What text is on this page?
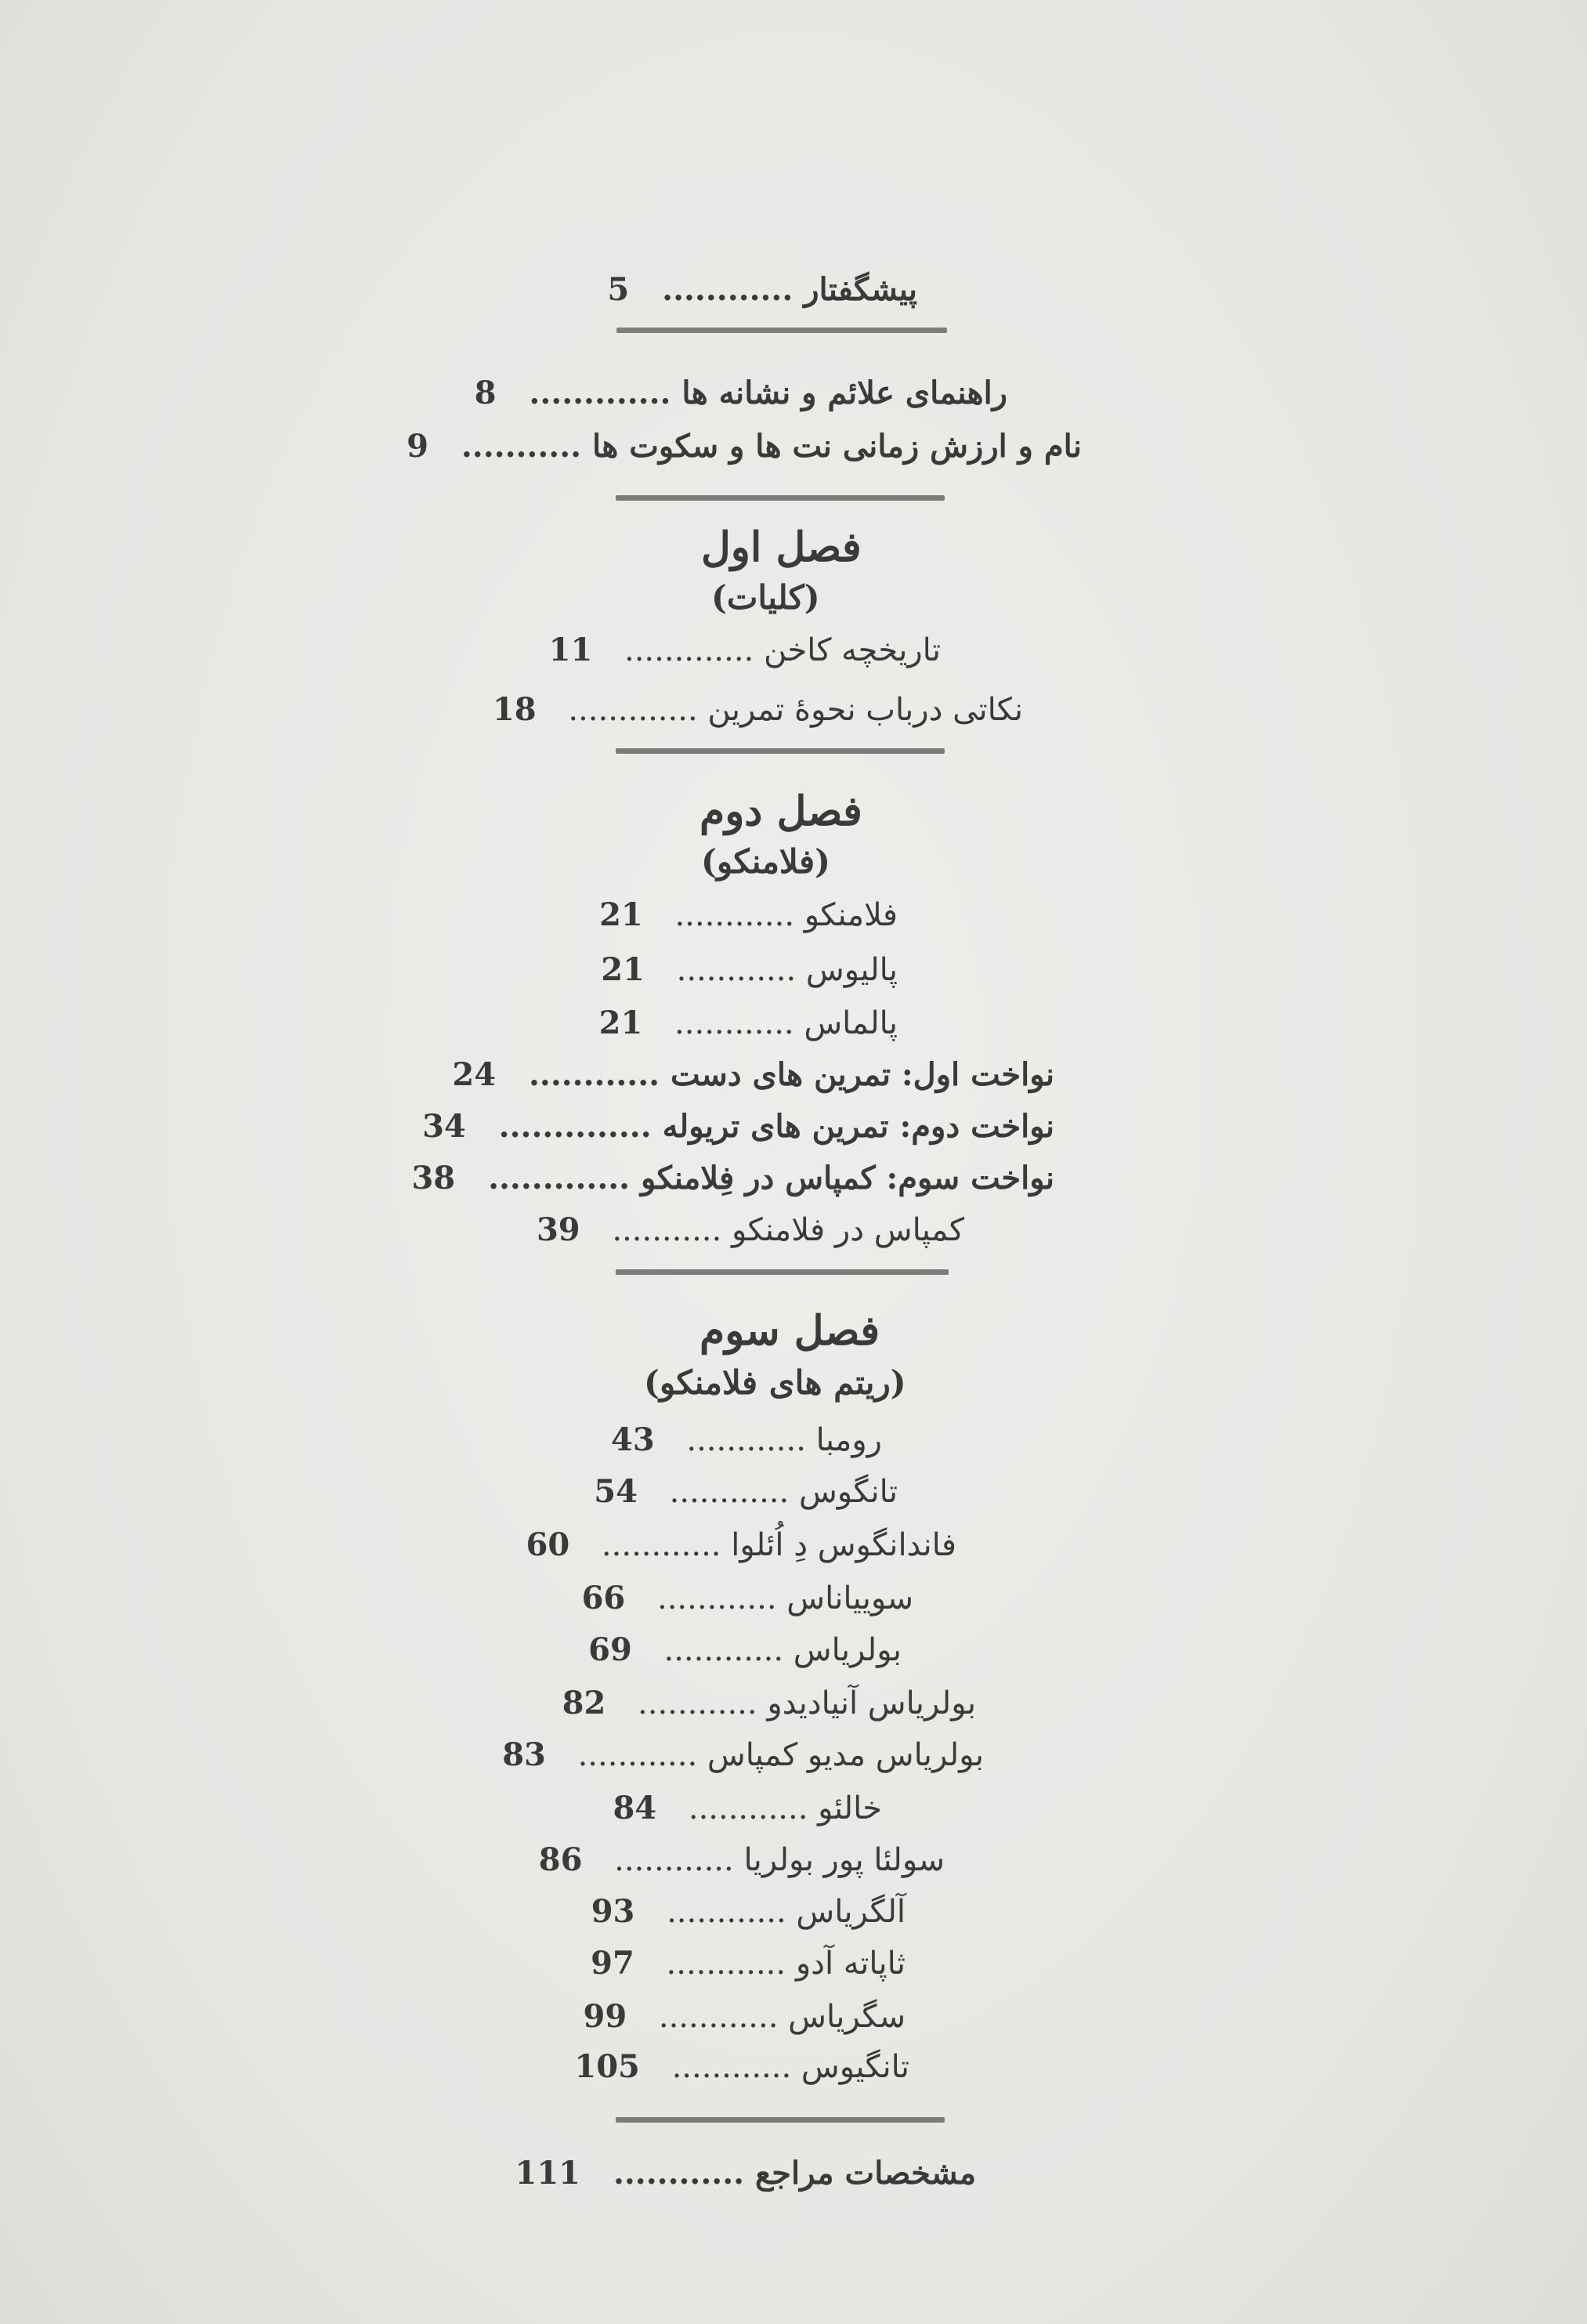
پیشگفتار ............ 5
راهنمای علائم و نشانه ها ............. 8
نام و ارزش زمانی نت ها و سکوت ها ........... 9
فصل اول
(کلیات)
تاریخچه کاخن ............. 11
نکاتی درباب نحوهٔ تمرین ............. 18
فصل دوم
(فلامنکو)
فلامنکو ............ 21
پالیوس ............ 21
پالماس ............ 21
نواخت اول: تمرین های دست ............ 24
نواخت دوم: تمرین های تریوله .............. 34
نواخت سوم: کمپاس در فِلامنکو ............. 38
کمپاس در فلامنکو ........... 39
فصل سوم
(ریتم های فلامنکو)
رومبا ............ 43
تانگوس ............ 54
فاندانگوس دِ اُئلوا ............ 60
سوییاناس ............ 66
بولریاس ............ 69
بولریاس آنیادیدو ............ 82
بولریاس مدیو کمپاس ............ 83
خالئو ............ 84
سولئا پور بولریا ............ 86
آلگریاس ............ 93
ثاپاته آدو ............ 97
سگریاس ............ 99
تانگیوس ............ 105
مشخصات مراجع ............ 111
